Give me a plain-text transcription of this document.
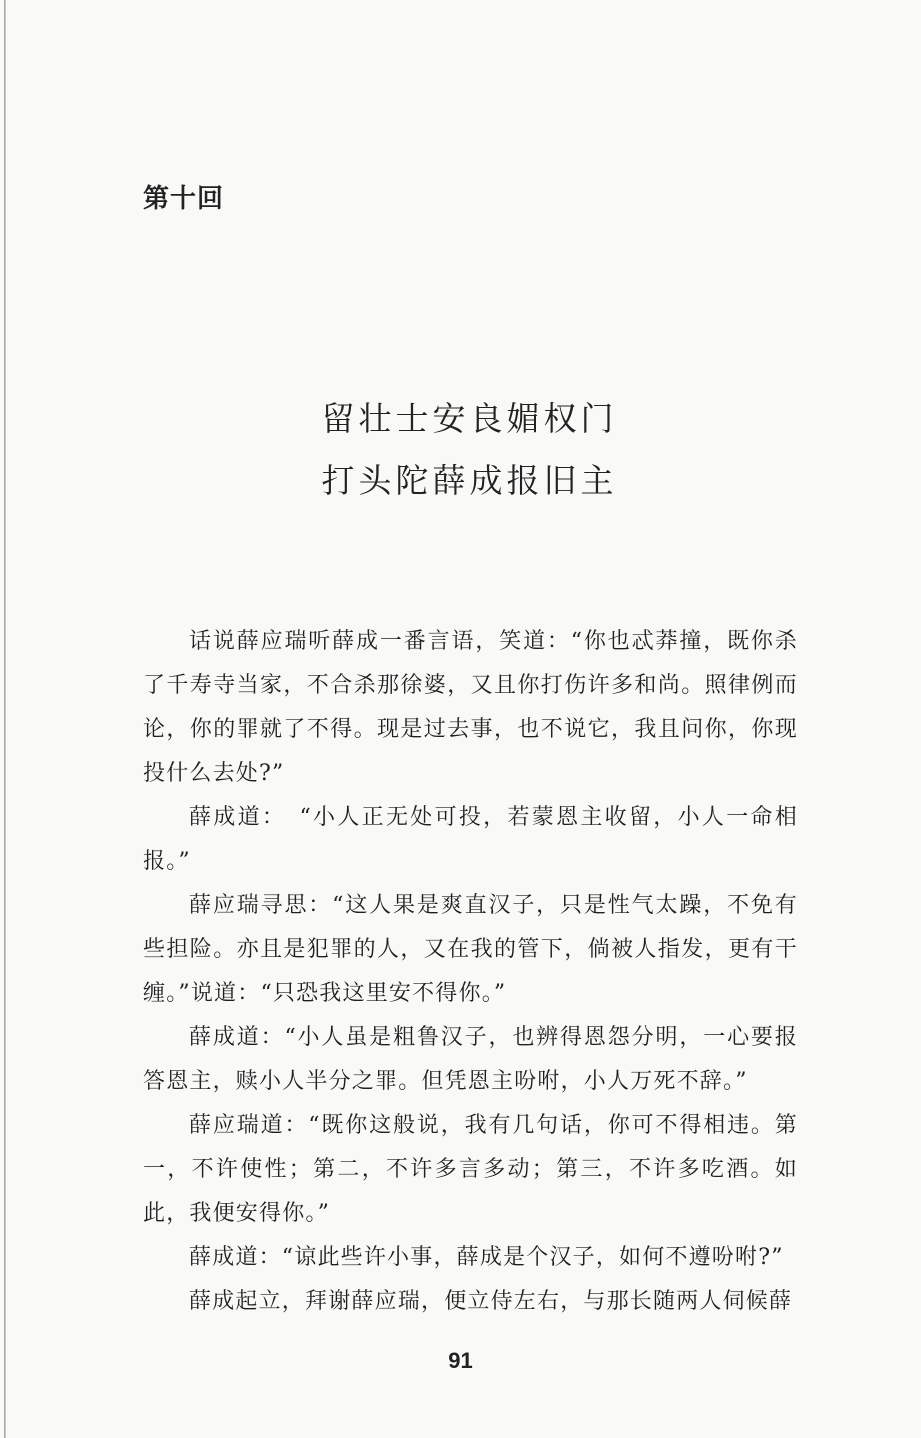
第十回
留壮士安良媚权门
打头陀薛成报旧主

话说薛应瑞听薛成一番言语，笑道：“你也忒莽撞，既你杀了千寿寺当家，不合杀那徐婆，又且你打伤许多和尚。照律例而论，你的罪就了不得。现是过去事，也不说它，我且问你，你现投什么去处?”

薛成道：　“小人正无处可投，若蒙恩主收留，小人一命相报。”

薛应瑞寻思：“这人果是爽直汉子，只是性气太躁，不免有些担险。亦且是犯罪的人，又在我的管下，倘被人指发，更有干缠。”说道：“只恐我这里安不得你。”

薛成道：“小人虽是粗鲁汉子，也辨得恩怨分明，一心要报答恩主，赎小人半分之罪。但凭恩主吩咐，小人万死不辞。”

薛应瑞道：“既你这般说，我有几句话，你可不得相违。第一，不许使性；第二，不许多言多动；第三，不许多吃酒。如此，我便安得你。”

薛成道：“谅此些许小事，薛成是个汉子，如何不遵吩咐?”

薛成起立，拜谢薛应瑞，便立侍左右，与那长随两人伺候薛

91
